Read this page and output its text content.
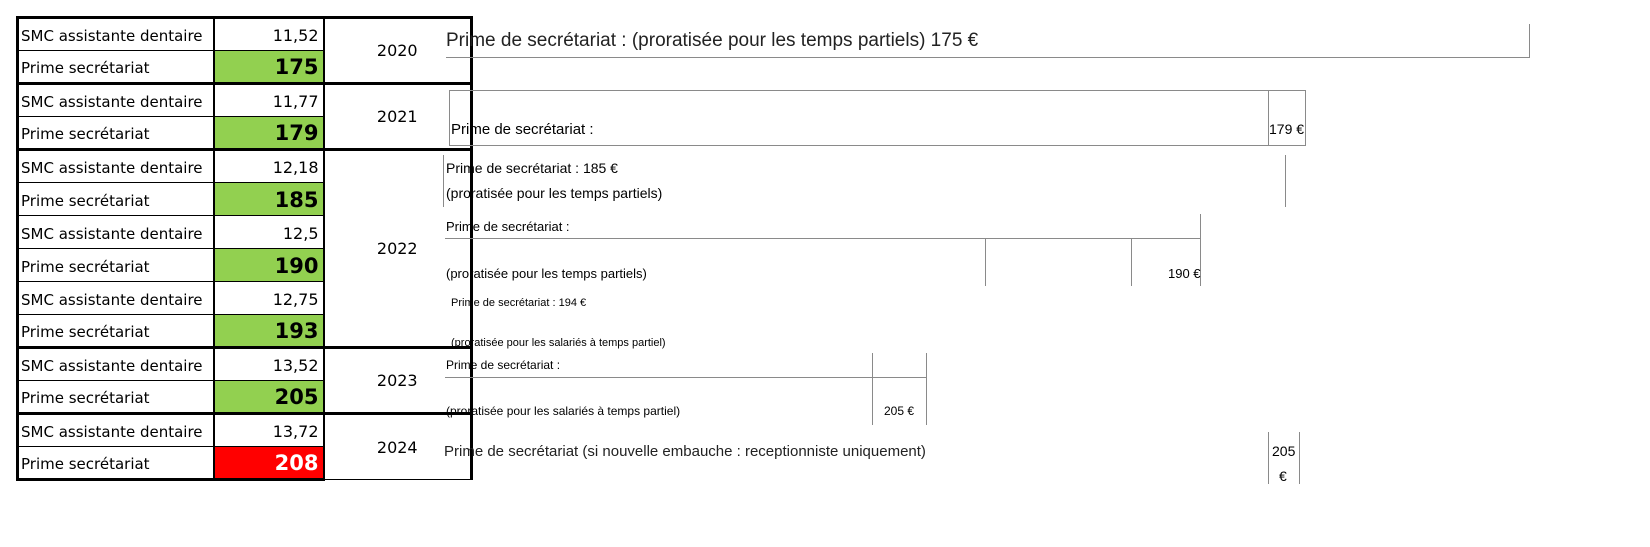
SMC assistante dentaire	11,52	2020
Prime secrétariat	175	
SMC assistante dentaire	11,77	2021
Prime secrétariat	179	
SMC assistante dentaire	12,18	2022
Prime secrétariat	185	
SMC assistante dentaire	12,5	
Prime secrétariat	190	
SMC assistante dentaire	12,75	
Prime secrétariat	193	
SMC assistante dentaire	13,52	2023
Prime secrétariat	205	
SMC assistante dentaire	13,72	2024
Prime secrétariat	208	
Prime de secrétariat : (proratisée pour les temps partiels) 175 €
Prime de secrétariat :	179 €
Prime de secrétariat : 185 €
(proratisée pour les temps partiels)
Prime de secrétariat :
(proratisée pour les temps partiels)	190 €
Prime de secrétariat : 194 €
(proratisée pour les salariés à temps partiel)
Prime de secrétariat :
(proratisée pour les salariés à temps partiel)	205 €
Prime de secrétariat (si nouvelle embauche : receptionniste uniquement)	205
€
